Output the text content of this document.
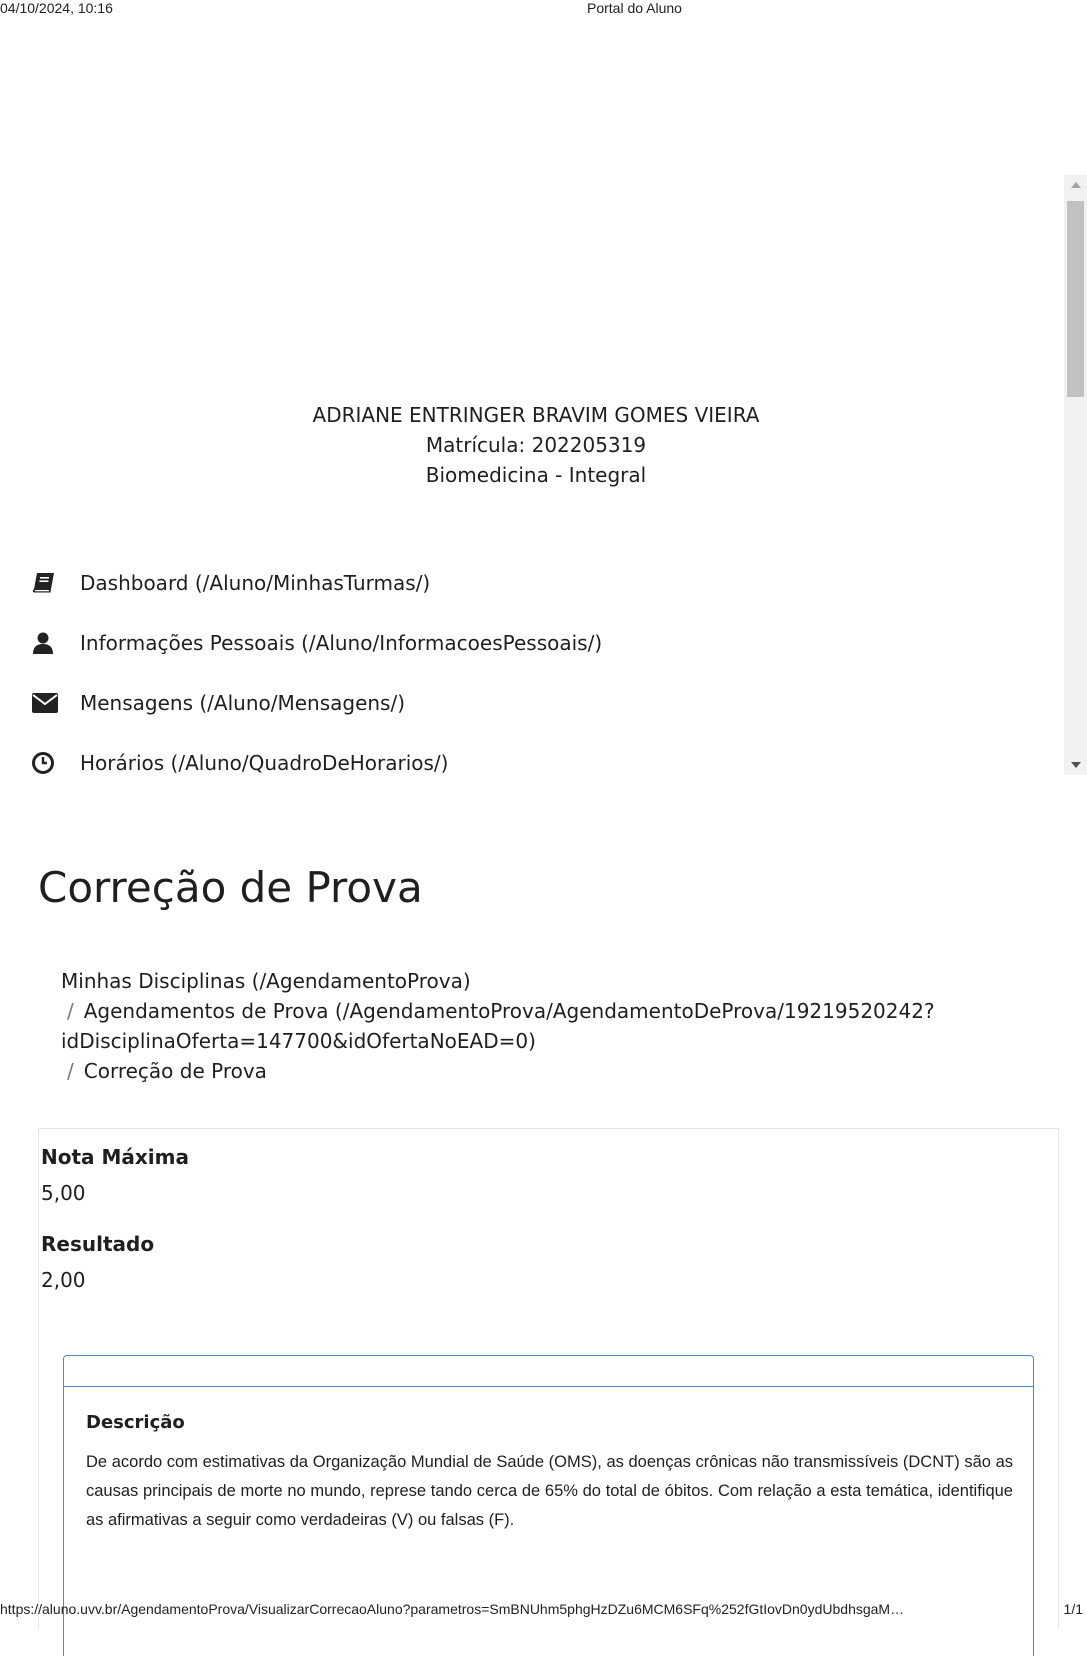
04/10/2024, 10:16	Portal do Aluno
ADRIANE ENTRINGER BRAVIM GOMES VIEIRA
Matrícula: 202205319
Biomedicina - Integral
Dashboard (/Aluno/MinhasTurmas/)
Informações Pessoais (/Aluno/InformacoesPessoais/)
Mensagens (/Aluno/Mensagens/)
Horários (/Aluno/QuadroDeHorarios/)
Correção de Prova
Minhas Disciplinas (/AgendamentoProva)
/ Agendamentos de Prova (/AgendamentoProva/AgendamentoDeProva/19219520242?idDisciplinaOferta=147700&idOfertaNoEAD=0)
/ Correção de Prova
Nota Máxima
5,00
Resultado
2,00
Descrição

De acordo com estimativas da Organização Mundial de Saúde (OMS), as doenças crônicas não transmissíveis (DCNT) são as causas principais de morte no mundo, represe tando cerca de 65% do total de óbitos. Com relação a esta temática, identifique as afirmativas a seguir como verdadeiras (V) ou falsas (F).

https://aluno.uvv.br/AgendamentoProva/VisualizarCorrecaoAluno?parametros=SmBNUhm5phgHzDZu6MCM6SFq%252fGtIovDn0ydUbdhsgaM…	1/1
